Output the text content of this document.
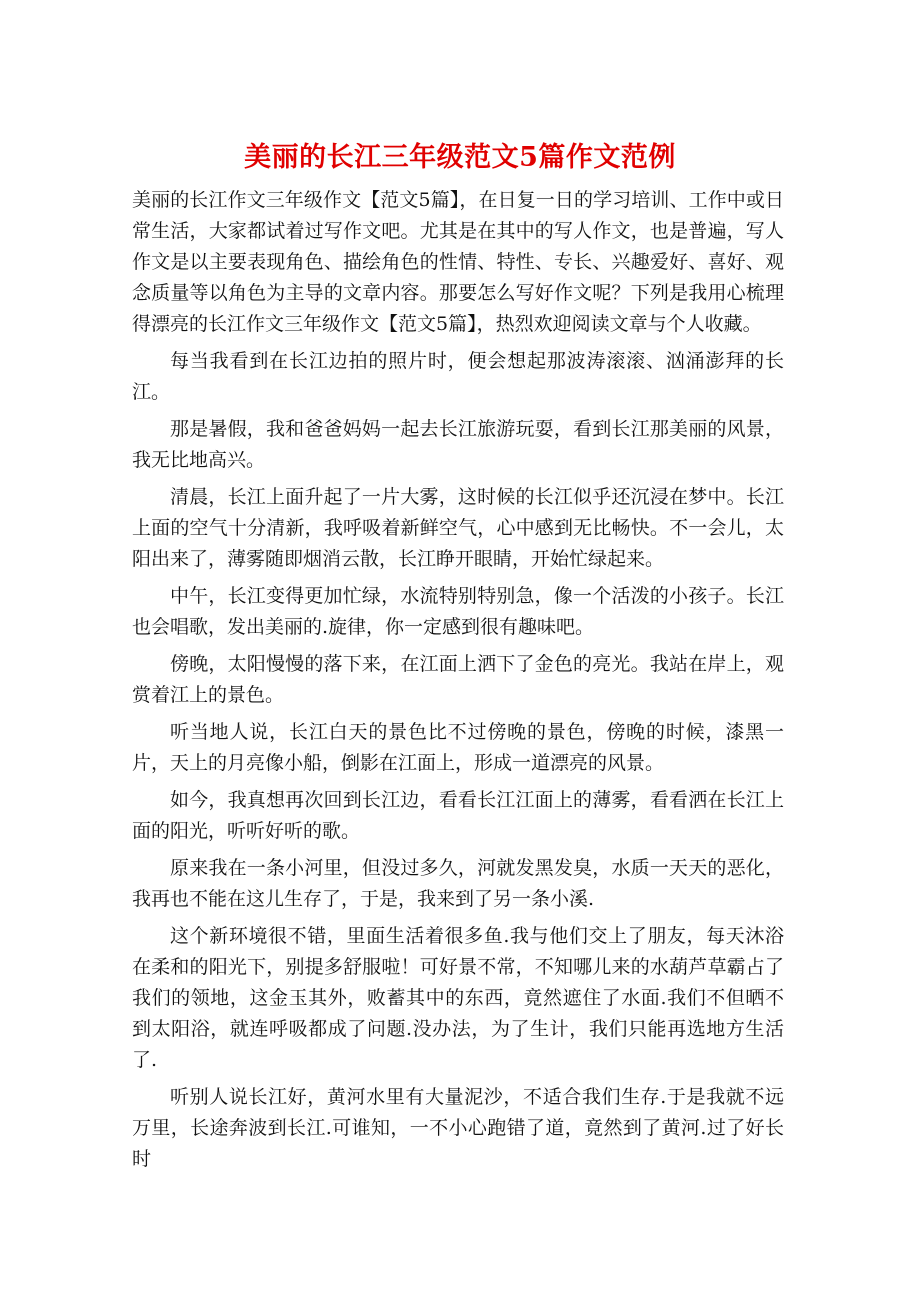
美丽的长江三年级范文5篇作文范例

美丽的长江作文三年级作文【范文5篇】，在日复一日的学习培训、工作中或日常生活，大家都试着过写作文吧。尤其是在其中的写人作文，也是普遍，写人作文是以主要表现角色、描绘角色的性情、特性、专长、兴趣爱好、喜好、观念质量等以角色为主导的文章内容。那要怎么写好作文呢？下列是我用心梳理得漂亮的长江作文三年级作文【范文5篇】，热烈欢迎阅读文章与个人收藏。

每当我看到在长江边拍的照片时，便会想起那波涛滚滚、汹涌澎拜的长江。

那是暑假，我和爸爸妈妈一起去长江旅游玩耍，看到长江那美丽的风景，我无比地高兴。

清晨，长江上面升起了一片大雾，这时候的长江似乎还沉浸在梦中。长江上面的空气十分清新，我呼吸着新鲜空气，心中感到无比畅快。不一会儿，太阳出来了，薄雾随即烟消云散，长江睁开眼睛，开始忙绿起来。

中午，长江变得更加忙绿，水流特别特别急，像一个活泼的小孩子。长江也会唱歌，发出美丽的.旋律，你一定感到很有趣味吧。

傍晚，太阳慢慢的落下来，在江面上洒下了金色的亮光。我站在岸上，观赏着江上的景色。

听当地人说，长江白天的景色比不过傍晚的景色，傍晚的时候，漆黑一片，天上的月亮像小船，倒影在江面上，形成一道漂亮的风景。

如今，我真想再次回到长江边，看看长江江面上的薄雾，看看洒在长江上面的阳光，听听好听的歌。

原来我在一条小河里，但没过多久，河就发黑发臭，水质一天天的恶化，我再也不能在这儿生存了，于是，我来到了另一条小溪.

这个新环境很不错，里面生活着很多鱼.我与他们交上了朋友，每天沐浴在柔和的阳光下，别提多舒服啦！可好景不常，不知哪儿来的水葫芦草霸占了我们的领地，这金玉其外，败蓄其中的东西，竟然遮住了水面.我们不但晒不到太阳浴，就连呼吸都成了问题.没办法，为了生计，我们只能再选地方生活了.

听别人说长江好，黄河水里有大量泥沙，不适合我们生存.于是我就不远万里，长途奔波到长江.可谁知，一不小心跑错了道，竟然到了黄河.过了好长时
